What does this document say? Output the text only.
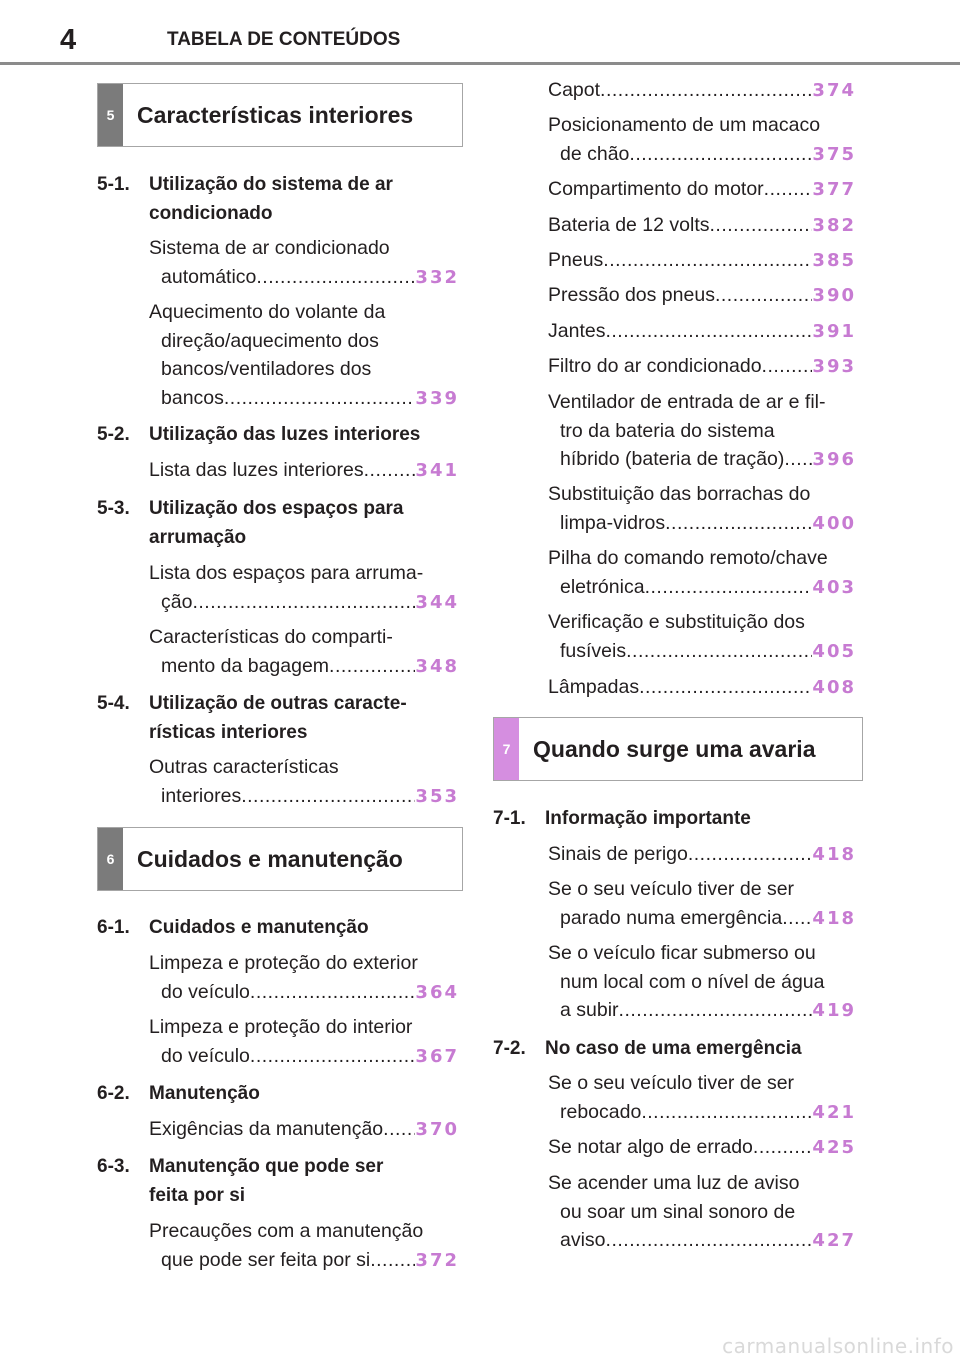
4	TABELA DE CONTEÚDOS
5 Características interiores
5-1.	Utilização do sistema de ar
condicionado
Sistema de ar condicionado
automático .....	332
Aquecimento do volante da
direção/aquecimento dos
bancos/ventiladores dos
bancos .....	339
5-2.	Utilização das luzes interiores
Lista das luzes interiores .....	341
5-3.	Utilização dos espaços para
arrumação
Lista dos espaços para arruma-
ção .....	344
Características do comparti-
mento da bagagem .....	348
5-4.	Utilização de outras caracte-
rísticas interiores
Outras características
interiores .....	353
6 Cuidados e manutenção
6-1.	Cuidados e manutenção
Limpeza e proteção do exterior
do veículo .....	364
Limpeza e proteção do interior
do veículo .....	367
6-2.	Manutenção
Exigências da manutenção ..... 370
6-3.	Manutenção que pode ser
feita por si
Precauções com a manutenção
que pode ser feita por si .....	372
Capot .....	374
Posicionamento de um macaco
de chão .....	375
Compartimento do motor .....	377
Bateria de 12 volts .....	382
Pneus .....	385
Pressão dos pneus .....	390
Jantes .....	391
Filtro do ar condicionado .....	393
Ventilador de entrada de ar e fil-
tro da bateria do sistema
híbrido (bateria de tração) ..... 396
Substituição das borrachas do
limpa-vidros .....	400
Pilha do comando remoto/chave
eletrónica .....	403
Verificação e substituição dos
fusíveis .....	405
Lâmpadas .....	408
7 Quando surge uma avaria
7-1.	Informação importante
Sinais de perigo .....	418
Se o seu veículo tiver de ser
parado numa emergência ..... 418
Se o veículo ficar submerso ou
num local com o nível de água
a subir .....	419
7-2.	No caso de uma emergência
Se o seu veículo tiver de ser
rebocado .....	421
Se notar algo de errado .....	425
Se acender uma luz de aviso
ou soar um sinal sonoro de
aviso .....	427
carmanualsonline.info
